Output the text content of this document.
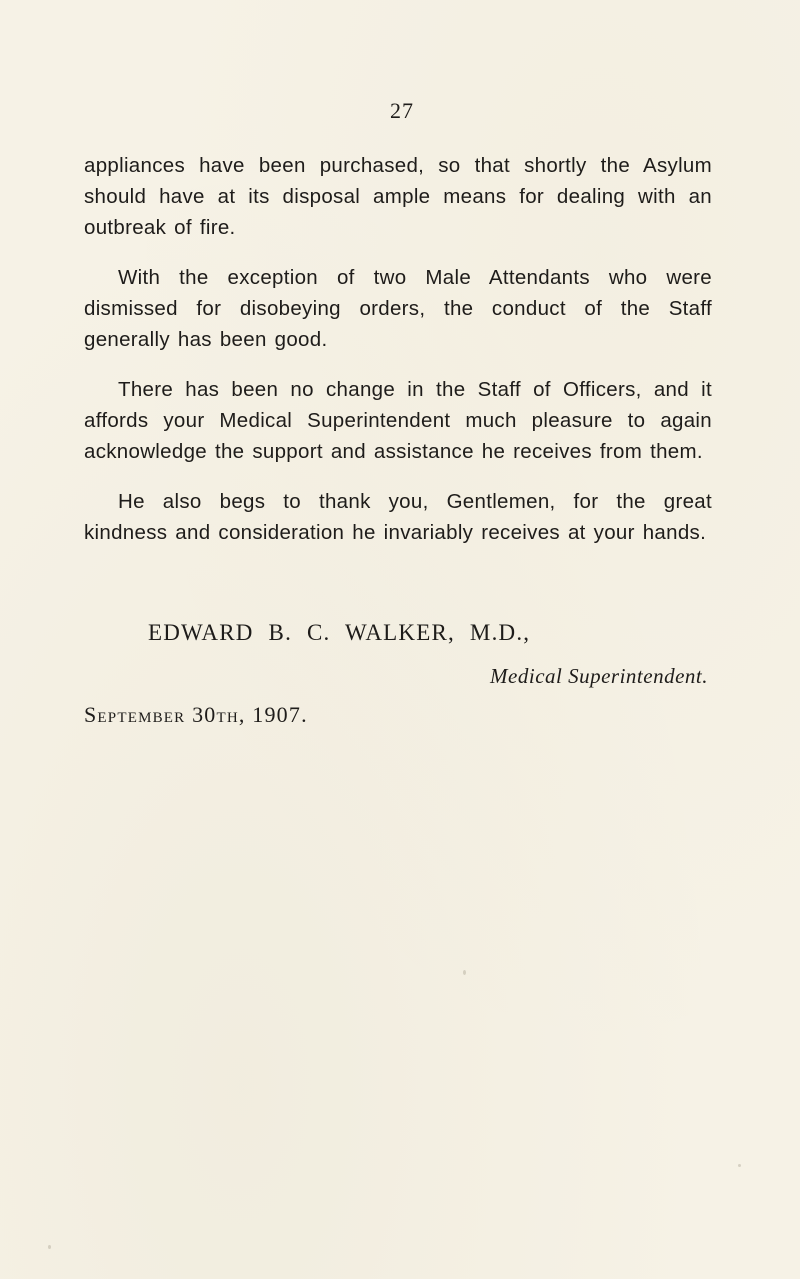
27

appliances have been purchased, so that shortly the Asylum should have at its disposal ample means for dealing with an outbreak of fire.

With the exception of two Male Attendants who were dismissed for disobeying orders, the conduct of the Staff generally has been good.

There has been no change in the Staff of Officers, and it affords your Medical Superintendent much pleasure to again acknowledge the support and assistance he receives from them.

He also begs to thank you, Gentlemen, for the great kindness and consideration he invariably receives at your hands.

EDWARD B. C. WALKER, M.D.,
Medical Superintendent.
September 30th, 1907.
